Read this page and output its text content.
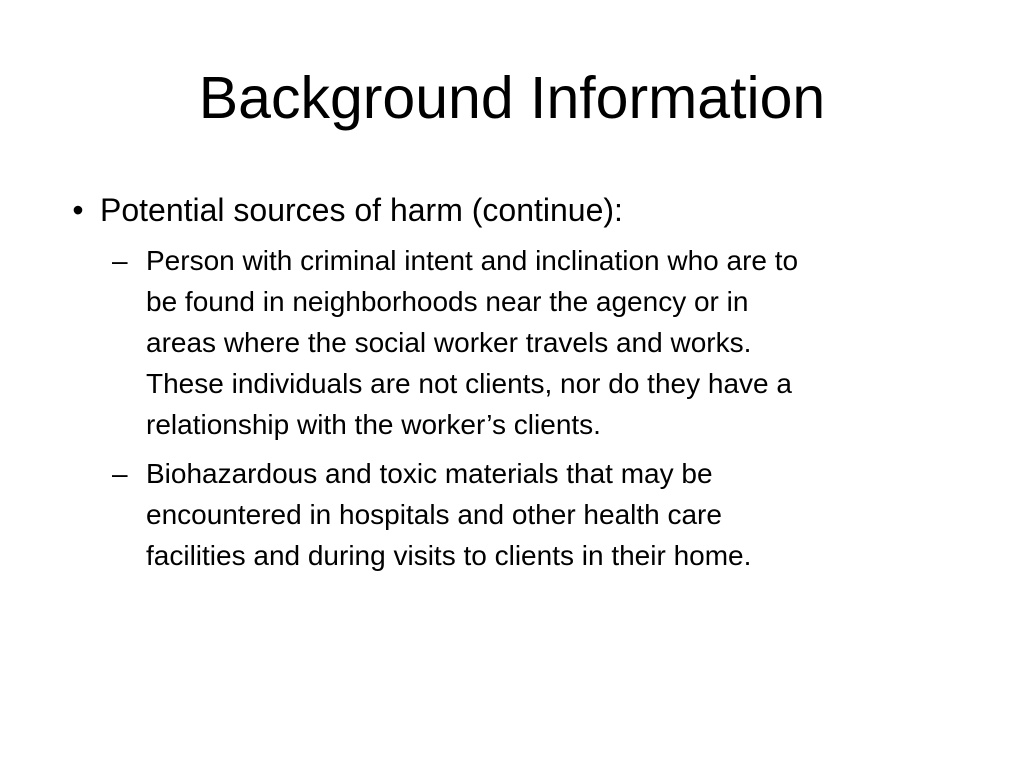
Background Information
• Potential sources of harm (continue):
– Person with criminal intent and inclination who are to
be found in neighborhoods near the agency or in
areas where the social worker travels and works.
These individuals are not clients, nor do they have a
relationship with the worker’s clients.
– Biohazardous and toxic materials that may be
encountered in hospitals and other health care
facilities and during visits to clients in their home.
